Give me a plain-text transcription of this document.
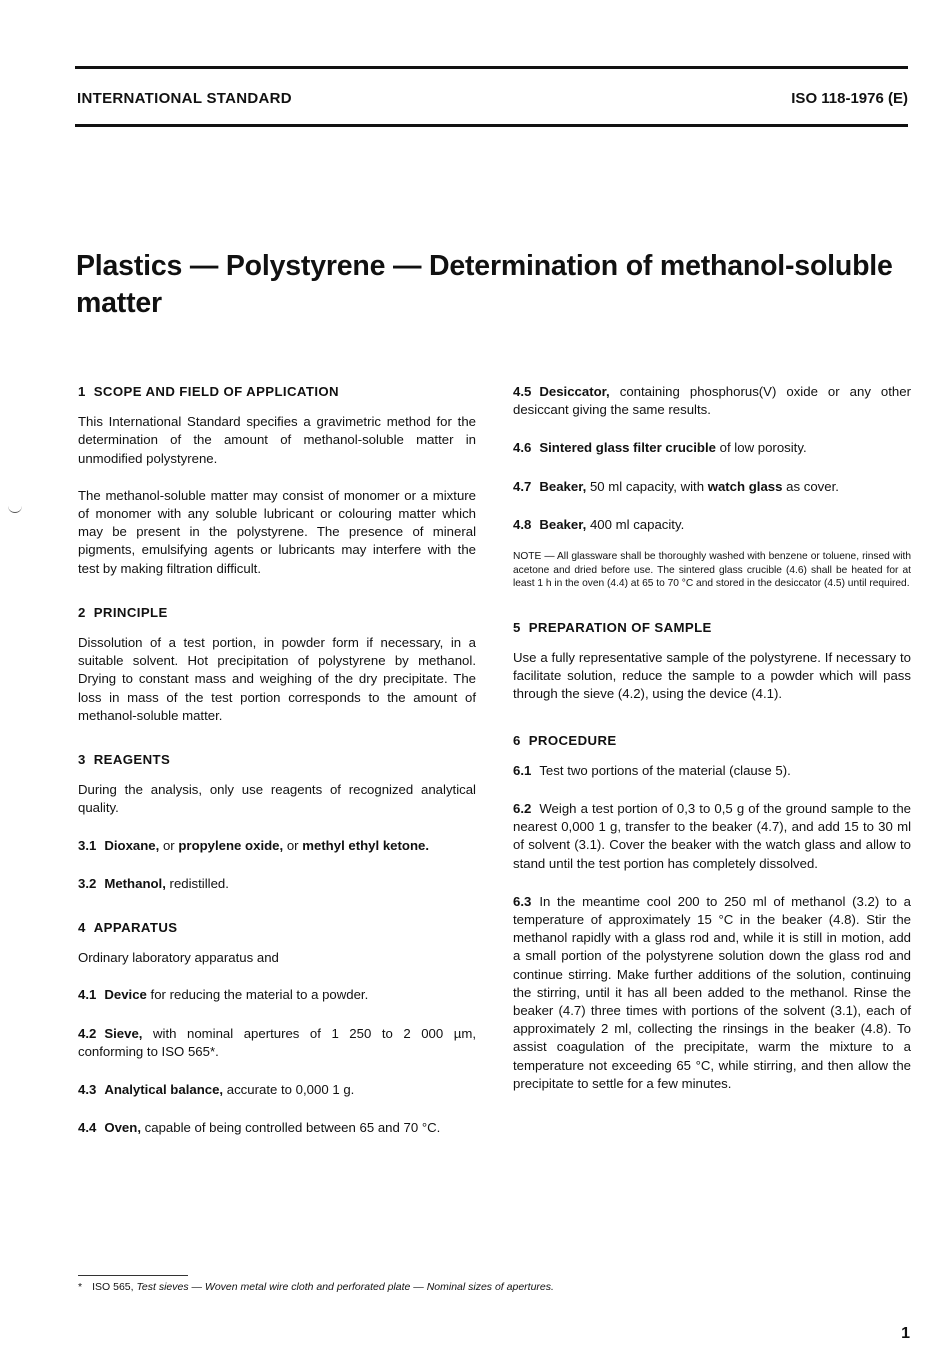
INTERNATIONAL STANDARD	ISO 118-1976 (E)
Plastics — Polystyrene — Determination of methanol-soluble
matter
1 SCOPE AND FIELD OF APPLICATION

This International Standard specifies a gravimetric method for the determination of the amount of methanol-soluble matter in unmodified polystyrene.

The methanol-soluble matter may consist of monomer or a mixture of monomer with any soluble lubricant or colouring matter which may be present in the polystyrene. The presence of mineral pigments, emulsifying agents or lubricants may interfere with the test by making filtration difficult.

2 PRINCIPLE

Dissolution of a test portion, in powder form if necessary, in a suitable solvent. Hot precipitation of polystyrene by methanol. Drying to constant mass and weighing of the dry precipitate. The loss in mass of the test portion corresponds to the amount of methanol-soluble matter.

3 REAGENTS

During the analysis, only use reagents of recognized analytical quality.

3.1 Dioxane, or propylene oxide, or methyl ethyl ketone.
3.2 Methanol, redistilled.
4 APPARATUS

Ordinary laboratory apparatus and

4.1 Device for reducing the material to a powder.
4.2 Sieve, with nominal apertures of 1 250 to 2 000 µm, conforming to ISO 565*.
4.3 Analytical balance, accurate to 0,000 1 g.
4.4 Oven, capable of being controlled between 65 and 70 °C.
4.5 Desiccator, containing phosphorus(V) oxide or any other desiccant giving the same results.
4.6 Sintered glass filter crucible of low porosity.
4.7 Beaker, 50 ml capacity, with watch glass as cover.
4.8 Beaker, 400 ml capacity.
NOTE — All glassware shall be thoroughly washed with benzene or toluene, rinsed with acetone and dried before use. The sintered glass crucible (4.6) shall be heated for at least 1 h in the oven (4.4) at 65 to 70 °C and stored in the desiccator (4.5) until required.
5 PREPARATION OF SAMPLE

Use a fully representative sample of the polystyrene. If necessary to facilitate solution, reduce the sample to a powder which will pass through the sieve (4.2), using the device (4.1).

6 PROCEDURE
6.1 Test two portions of the material (clause 5).
6.2 Weigh a test portion of 0,3 to 0,5 g of the ground sample to the nearest 0,000 1 g, transfer to the beaker (4.7), and add 15 to 30 ml of solvent (3.1). Cover the beaker with the watch glass and allow to stand until the test portion has completely dissolved.
6.3 In the meantime cool 200 to 250 ml of methanol (3.2) to a temperature of approximately 15 °C in the beaker (4.8). Stir the methanol rapidly with a glass rod and, while it is still in motion, add a small portion of the polystyrene solution down the glass rod and continue stirring. Make further additions of the solution, continuing the stirring, until it has all been added to the methanol. Rinse the beaker (4.7) three times with portions of the solvent (3.1), each of approximately 2 ml, collecting the rinsings in the beaker (4.8). To assist coagulation of the precipitate, warm the mixture to a temperature not exceeding 65 °C, while stirring, and then allow the precipitate to settle for a few minutes.
* ISO 565, Test sieves — Woven metal wire cloth and perforated plate — Nominal sizes of apertures.
1
